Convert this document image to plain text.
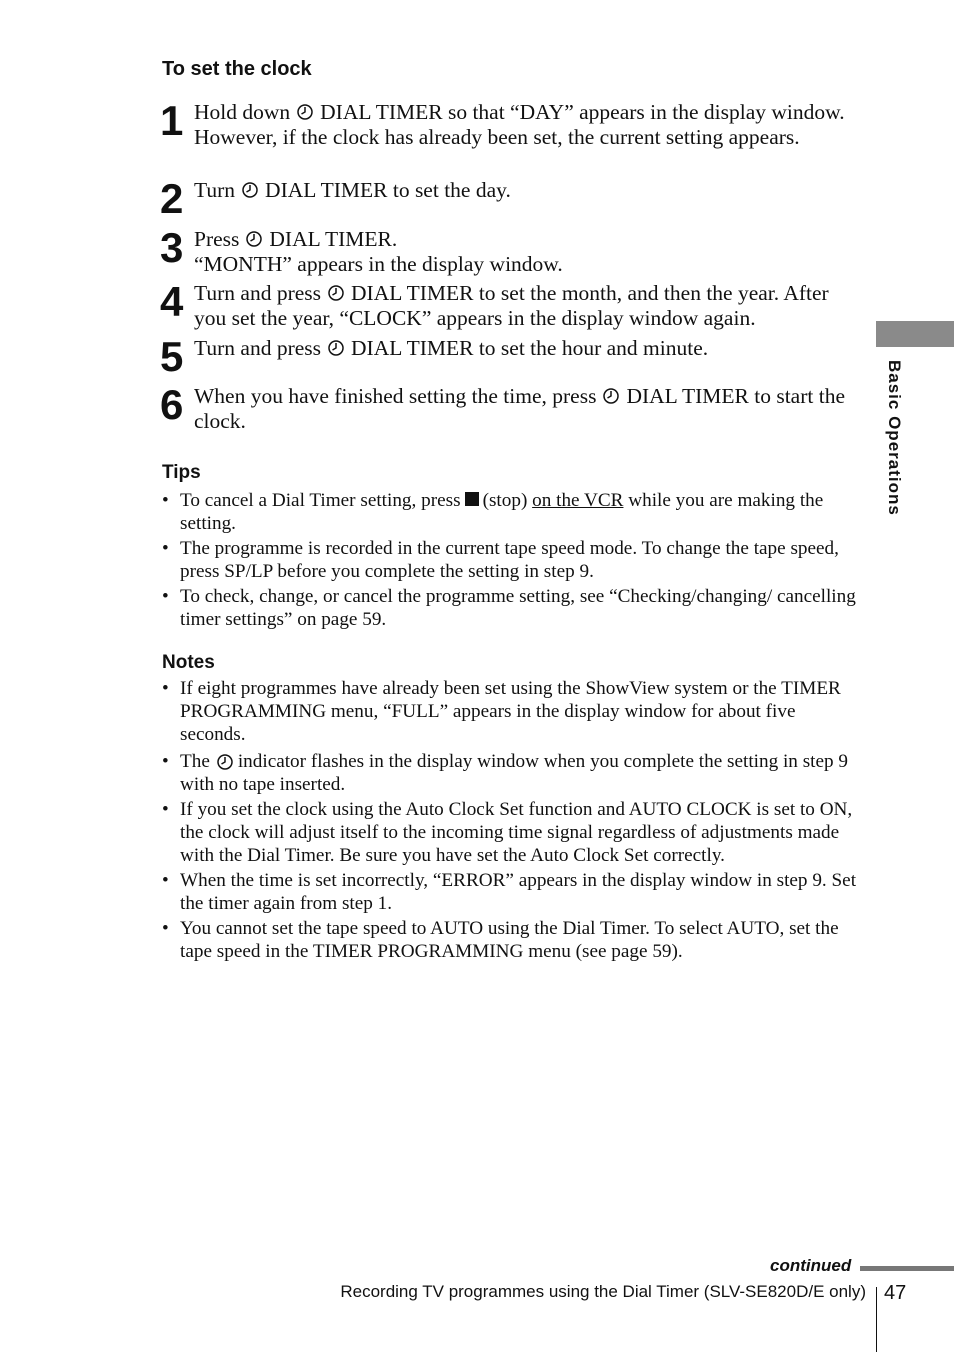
To set the clock
1 Hold down DIAL TIMER so that “DAY” appears in the display window. However, if the clock has already been set, the current setting appears.
2 Turn DIAL TIMER to set the day.
3 Press DIAL TIMER.
“MONTH” appears in the display window.
4 Turn and press DIAL TIMER to set the month, and then the year. After you set the year, “CLOCK” appears in the display window again.
5 Turn and press DIAL TIMER to set the hour and minute.
6 When you have finished setting the time, press DIAL TIMER to start the clock.
Tips
• To cancel a Dial Timer setting, press (stop) on the VCR while you are making the setting.
• The programme is recorded in the current tape speed mode. To change the tape speed, press SP/LP before you complete the setting in step 9.
• To check, change, or cancel the programme setting, see “Checking/changing/ cancelling timer settings” on page 59.
Notes
• If eight programmes have already been set using the ShowView system or the TIMER PROGRAMMING menu, “FULL” appears in the display window for about five seconds.
• The indicator flashes in the display window when you complete the setting in step 9 with no tape inserted.
• If you set the clock using the Auto Clock Set function and AUTO CLOCK is set to ON, the clock will adjust itself to the incoming time signal regardless of adjustments made with the Dial Timer. Be sure you have set the Auto Clock Set correctly.
• When the time is set incorrectly, “ERROR” appears in the display window in step 9. Set the timer again from step 1.
• You cannot set the tape speed to AUTO using the Dial Timer. To select AUTO, set the tape speed in the TIMER PROGRAMMING menu (see page 59).
Basic Operations
continued
Recording TV programmes using the Dial Timer (SLV-SE820D/E only) 47
